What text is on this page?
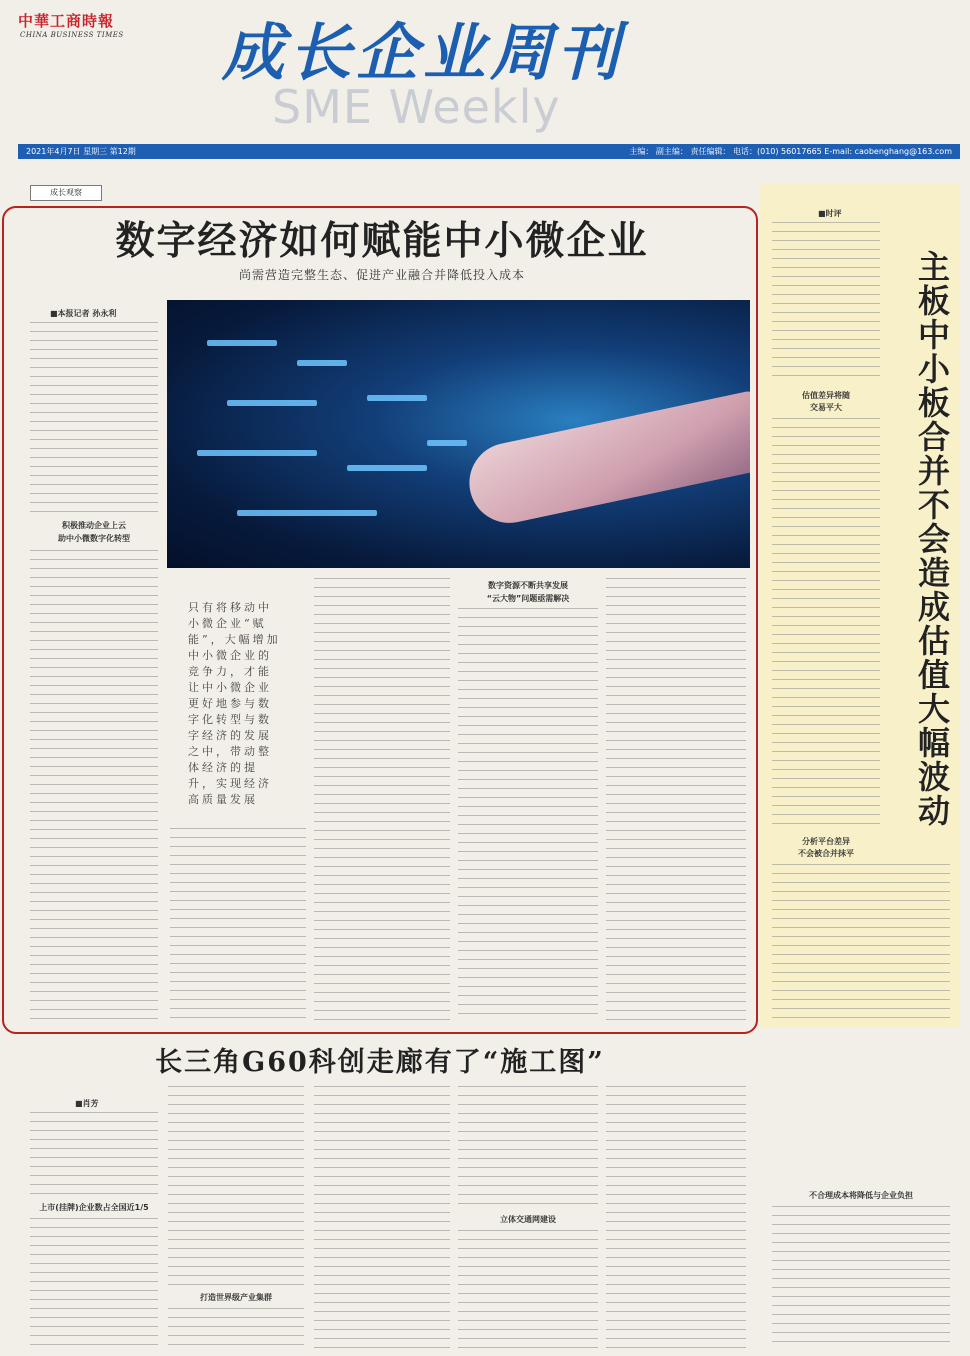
中華工商時報
CHINA BUSINESS TIMES
SME Weekly
成长企业周刊
2021年4月7日 星期三 第12期	主编： 副主编： 责任编辑： 电话：(010) 56017665 E-mail: caobenghang@163.com
成长观察
数字经济如何赋能中小微企业
尚需营造完整生态、促进产业融合并降低投入成本
■本报记者 孙永利
积极推动企业上云
助中小微数字化转型
只有将移动中小微企业“赋能”，大幅增加中小微企业的竞争力，才能让中小微企业更好地参与数字化转型与数字经济的发展之中，带动整体经济的提升，实现经济高质量发展
数字资源不断共享发展
“云大物”问题亟需解决
■时评
主板中小板合并不会造成估值大幅波动
估值差异将随
交易平大
分析平台差异
不会被合并抹平
长三角G60科创走廊有了“施工图”
■肖芳
上市(挂牌)企业数占全国近1/5
打造世界级产业集群
立体交通网建设
不合理成本将降低与企业负担
